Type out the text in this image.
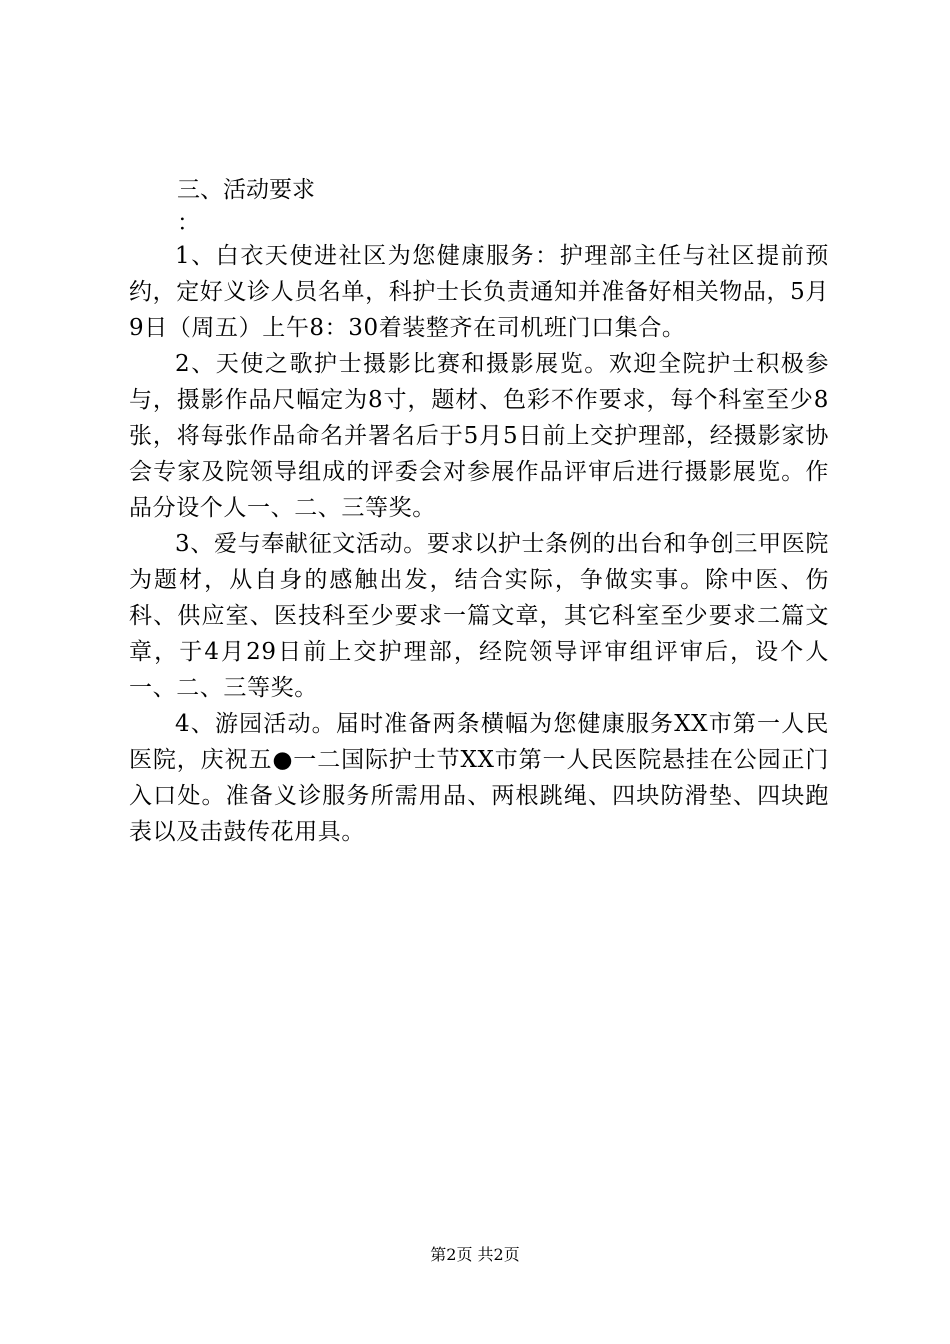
三、活动要求

：

1、白衣天使进社区为您健康服务：护理部主任与社区提前预约，定好义诊人员名单，科护士长负责通知并准备好相关物品，5月9日（周五）上午8：30着装整齐在司机班门口集合。

2、天使之歌护士摄影比赛和摄影展览。欢迎全院护士积极参与，摄影作品尺幅定为8寸，题材、色彩不作要求，每个科室至少8张，将每张作品命名并署名后于5月5日前上交护理部，经摄影家协会专家及院领导组成的评委会对参展作品评审后进行摄影展览。作品分设个人一、二、三等奖。

3、爱与奉献征文活动。要求以护士条例的出台和争创三甲医院为题材，从自身的感触出发，结合实际，争做实事。除中医、伤科、供应室、医技科至少要求一篇文章，其它科室至少要求二篇文章，于4月29日前上交护理部，经院领导评审组评审后，设个人一、二、三等奖。

4、游园活动。届时准备两条横幅为您健康服务XX市第一人民医院，庆祝五●一二国际护士节XX市第一人民医院悬挂在公园正门入口处。准备义诊服务所需用品、两根跳绳、四块防滑垫、四块跑表以及击鼓传花用具。

第2页 共2页
